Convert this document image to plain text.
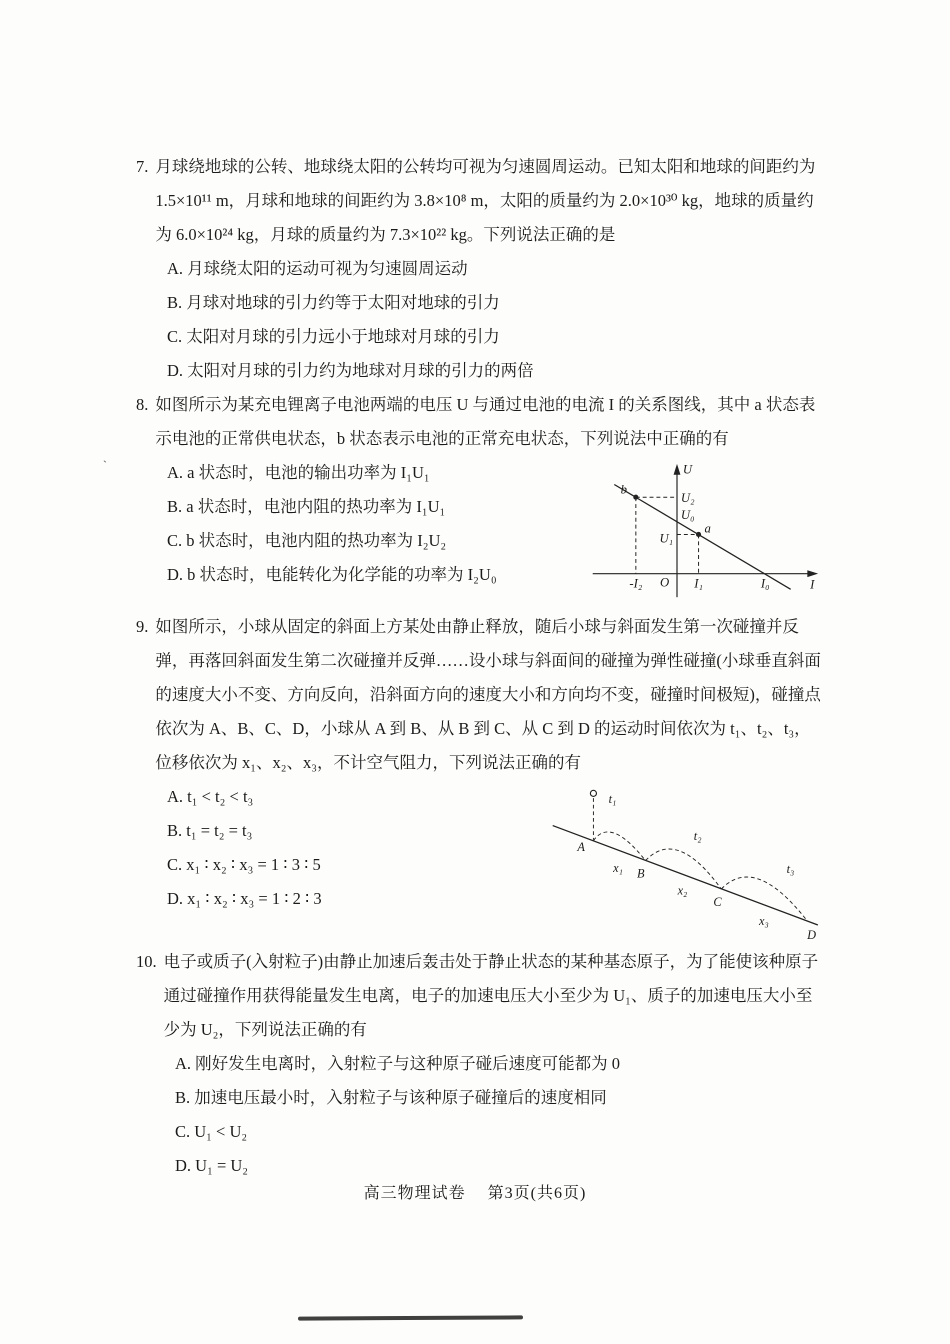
7. 月球绕地球的公转、地球绕太阳的公转均可视为匀速圆周运动。已知太阳和地球的间距约为 1.5×10¹¹ m，月球和地球的间距约为 3.8×10⁸ m，太阳的质量约为 2.0×10³⁰ kg，地球的质量约为 6.0×10²⁴ kg，月球的质量约为 7.3×10²² kg。下列说法正确的是
A. 月球绕太阳的运动可视为匀速圆周运动
B. 月球对地球的引力约等于太阳对地球的引力
C. 太阳对月球的引力远小于地球对月球的引力
D. 太阳对月球的引力约为地球对月球的引力的两倍
8. 如图所示为某充电锂离子电池两端的电压 U 与通过电池的电流 I 的关系图线，其中 a 状态表示电池的正常供电状态，b 状态表示电池的正常充电状态，下列说法中正确的有
U
I
O
b
a
U₂
U₀
U₁
-I₂	I₁	I₀
A. a 状态时，电池的输出功率为 I₁U₁
B. a 状态时，电池内阻的热功率为 I₁U₁
C. b 状态时，电池内阻的热功率为 I₂U₂
D. b 状态时，电能转化为化学能的功率为 I₂U₀
9. 如图所示，小球从固定的斜面上方某处由静止释放，随后小球与斜面发生第一次碰撞并反弹，再落回斜面发生第二次碰撞并反弹……设小球与斜面间的碰撞为弹性碰撞(小球垂直斜面的速度大小不变、方向反向，沿斜面方向的速度大小和方向均不变，碰撞时间极短)，碰撞点依次为 A、B、C、D，小球从 A 到 B、从 B 到 C、从 C 到 D 的运动时间依次为 t₁、t₂、t₃，位移依次为 x₁、x₂、x₃，不计空气阻力，下列说法正确的有
A
B
C
D
t₁
t₂
t₃
x₁
x₂
x₃
A. t₁ < t₂ < t₃
B. t₁ = t₂ = t₃
C. x₁ ∶ x₂ ∶ x₃ = 1 ∶ 3 ∶ 5
D. x₁ ∶ x₂ ∶ x₃ = 1 ∶ 2 ∶ 3
10. 电子或质子(入射粒子)由静止加速后轰击处于静止状态的某种基态原子，为了能使该种原子通过碰撞作用获得能量发生电离，电子的加速电压大小至少为 U₁、质子的加速电压大小至少为 U₂，下列说法正确的有
A. 刚好发生电离时，入射粒子与这种原子碰后速度可能都为 0
B. 加速电压最小时，入射粒子与该种原子碰撞后的速度相同
C. U₁ < U₂
D. U₁ = U₂
高三物理试卷　 第3页(共6页)
`
